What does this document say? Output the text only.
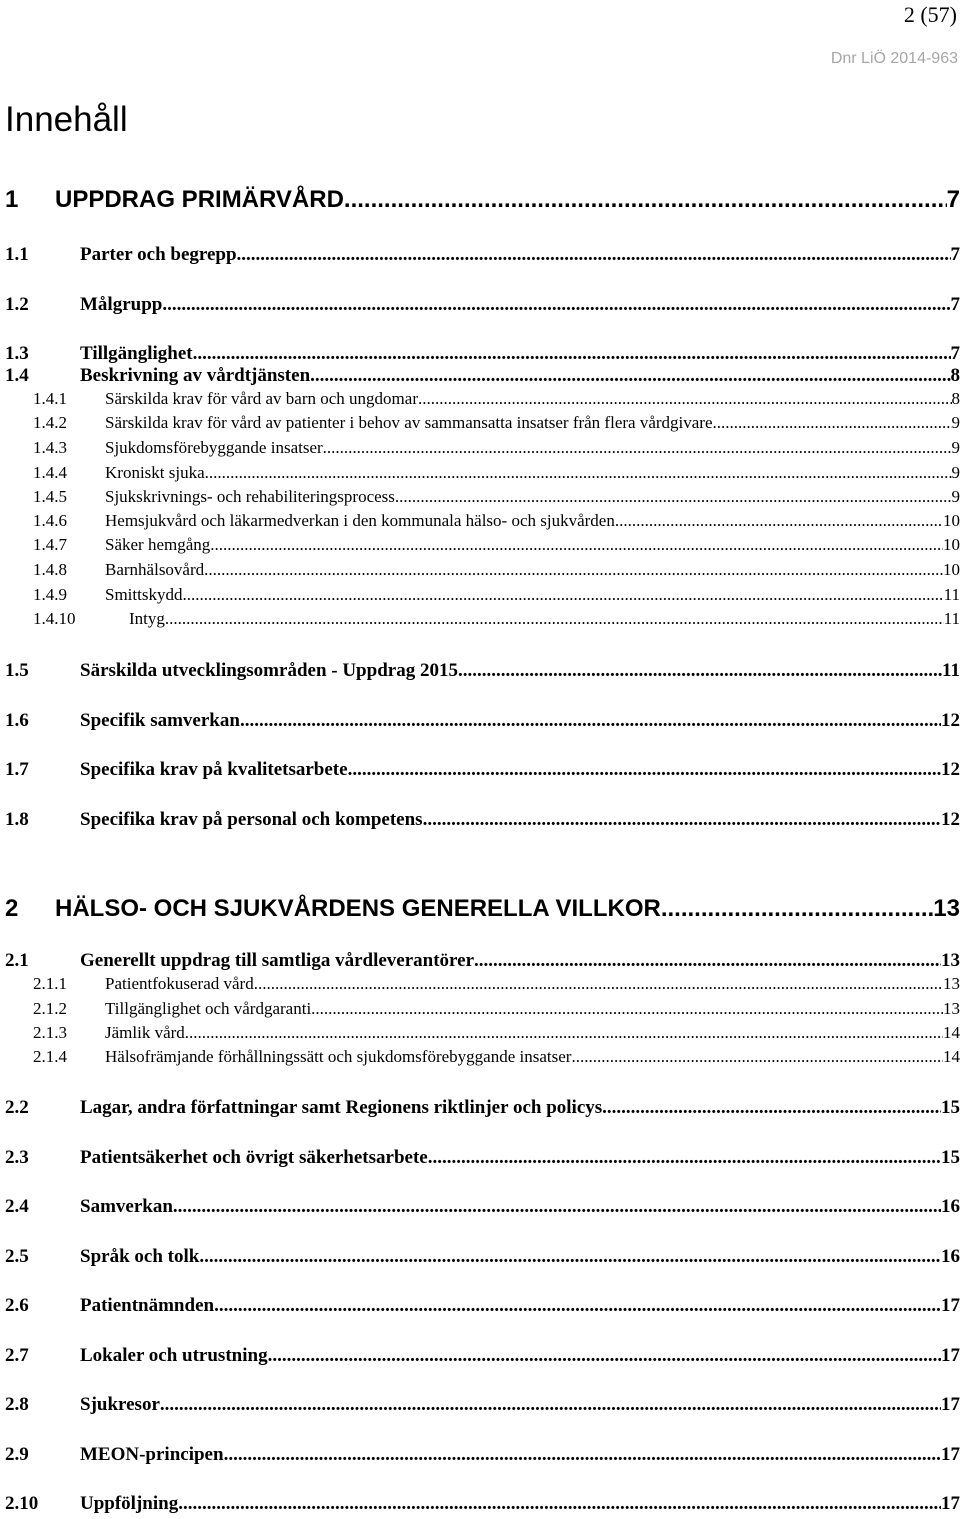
2 (57)
Dnr LiÖ 2014-963
Innehåll
1	UPPDRAG PRIMÄRVÅRD .....	7
1.1	Parter och begrepp .....	7
1.2	Målgrupp .....	7
1.3	Tillgänglighet .....	7
1.4	Beskrivning av vårdtjänsten .....	8
1.4.1	Särskilda krav för vård av barn och ungdomar .....	8
1.4.2	Särskilda krav för vård av patienter i behov av sammansatta insatser från flera vårdgivare .....	9
1.4.3	Sjukdomsförebyggande insatser .....	9
1.4.4	Kroniskt sjuka .....	9
1.4.5	Sjukskrivnings- och rehabiliteringsprocess .....	9
1.4.6	Hemsjukvård och läkarmedverkan i den kommunala hälso- och sjukvården .....	10
1.4.7	Säker hemgång .....	10
1.4.8	Barnhälsovård .....	10
1.4.9	Smittskydd .....	11
1.4.10	Intyg .....	11
1.5	Särskilda utvecklingsområden - Uppdrag 2015 .....	11
1.6	Specifik samverkan .....	12
1.7	Specifika krav på kvalitetsarbete .....	12
1.8	Specifika krav på personal och kompetens .....	12
2	HÄLSO- OCH SJUKVÅRDENS GENERELLA VILLKOR .....	13
2.1	Generellt uppdrag till samtliga vårdleverantörer .....	13
2.1.1	Patientfokuserad vård .....	13
2.1.2	Tillgänglighet och vårdgaranti .....	13
2.1.3	Jämlik vård .....	14
2.1.4	Hälsofrämjande förhållningssätt och sjukdomsförebyggande insatser .....	14
2.2	Lagar, andra författningar samt Regionens riktlinjer och policys .....	15
2.3	Patientsäkerhet och övrigt säkerhetsarbete .....	15
2.4	Samverkan .....	16
2.5	Språk och tolk .....	16
2.6	Patientnämnden .....	17
2.7	Lokaler och utrustning .....	17
2.8	Sjukresor .....	17
2.9	MEON-principen .....	17
2.10	Uppföljning .....	17
